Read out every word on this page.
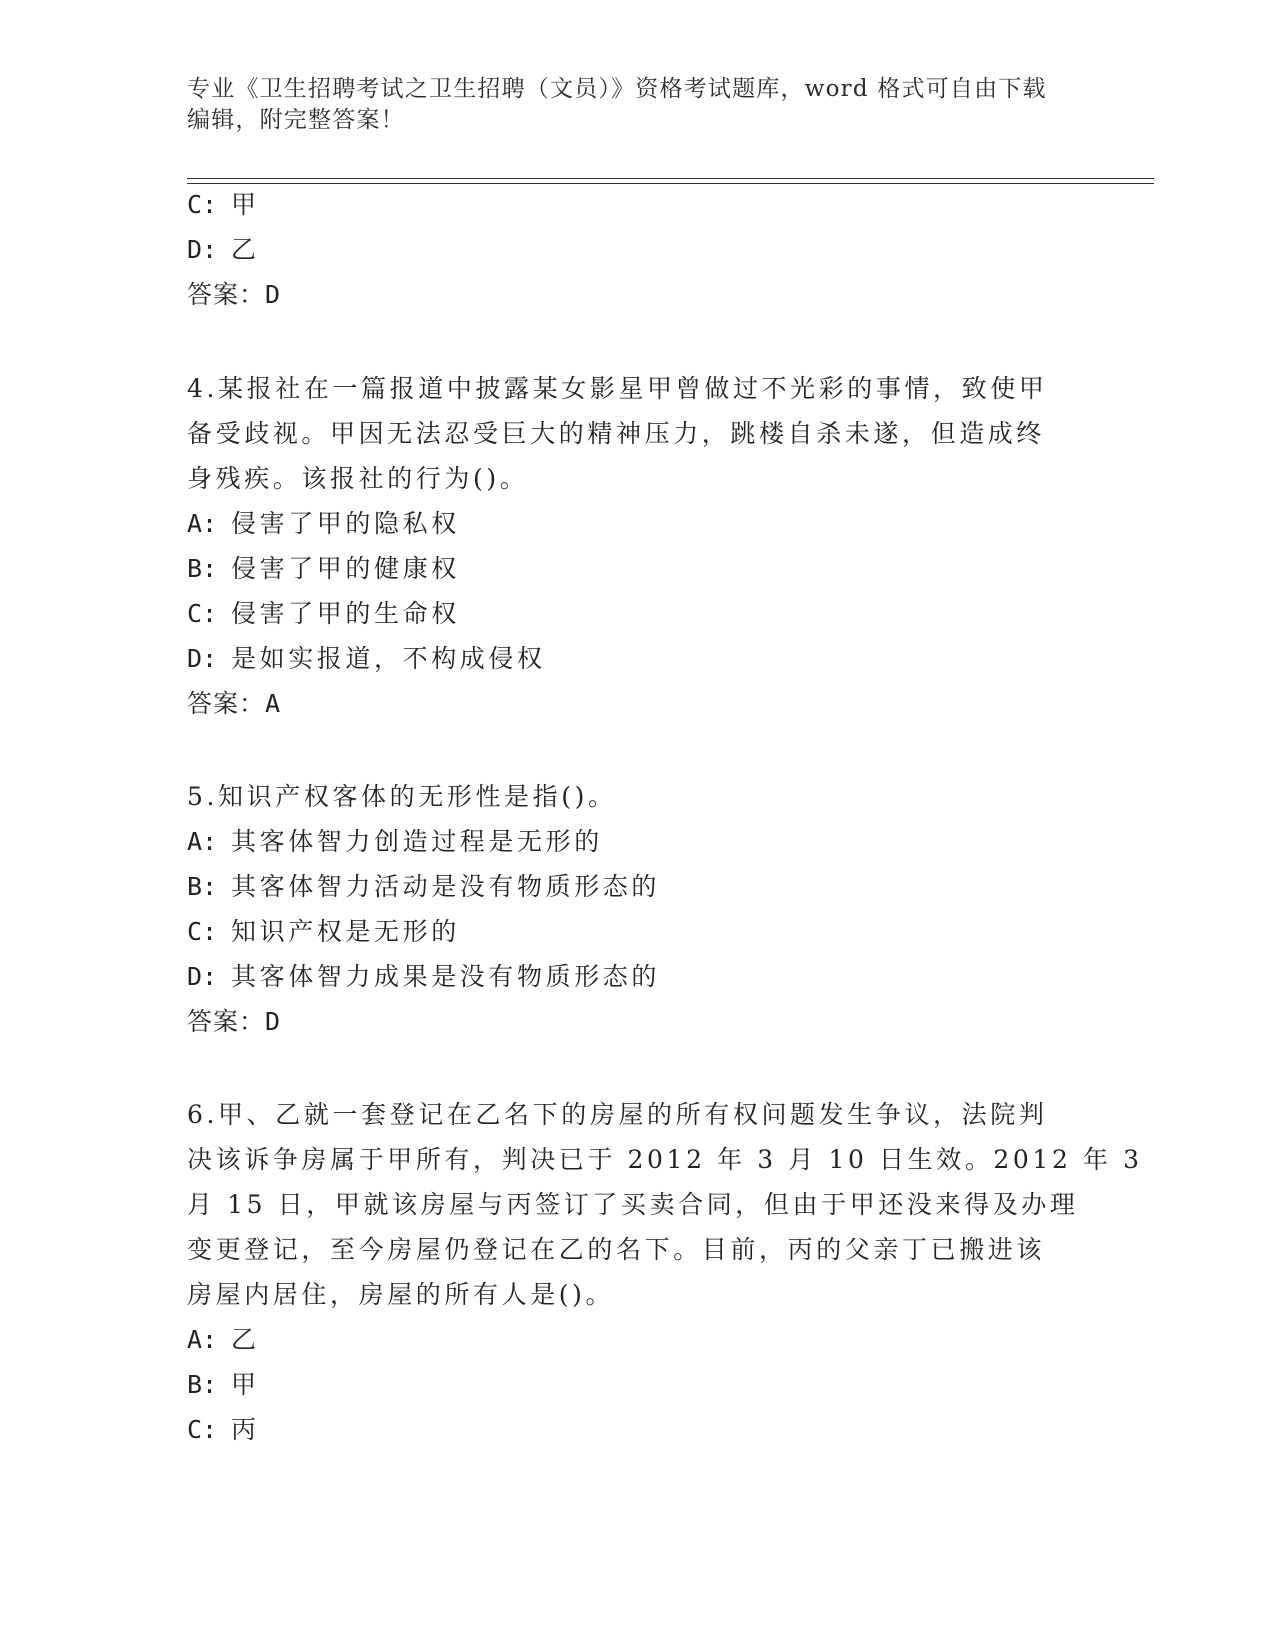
专业《卫生招聘考试之卫生招聘（文员）》资格考试题库，word 格式可自由下载
编辑，附完整答案！
C: 甲
D: 乙
答案：D
4.某报社在一篇报道中披露某女影星甲曾做过不光彩的事情，致使甲
备受歧视。甲因无法忍受巨大的精神压力，跳楼自杀未遂，但造成终
身残疾。该报社的行为()。
A: 侵害了甲的隐私权
B: 侵害了甲的健康权
C: 侵害了甲的生命权
D: 是如实报道，不构成侵权
答案：A
5.知识产权客体的无形性是指()。
A: 其客体智力创造过程是无形的
B: 其客体智力活动是没有物质形态的
C: 知识产权是无形的
D: 其客体智力成果是没有物质形态的
答案：D
6.甲、乙就一套登记在乙名下的房屋的所有权问题发生争议，法院判
决该诉争房属于甲所有，判决已于 2012 年 3 月 10 日生效。2012 年 3
月 15 日，甲就该房屋与丙签订了买卖合同，但由于甲还没来得及办理
变更登记，至今房屋仍登记在乙的名下。目前，丙的父亲丁已搬进该
房屋内居住，房屋的所有人是()。
A: 乙
B: 甲
C: 丙
